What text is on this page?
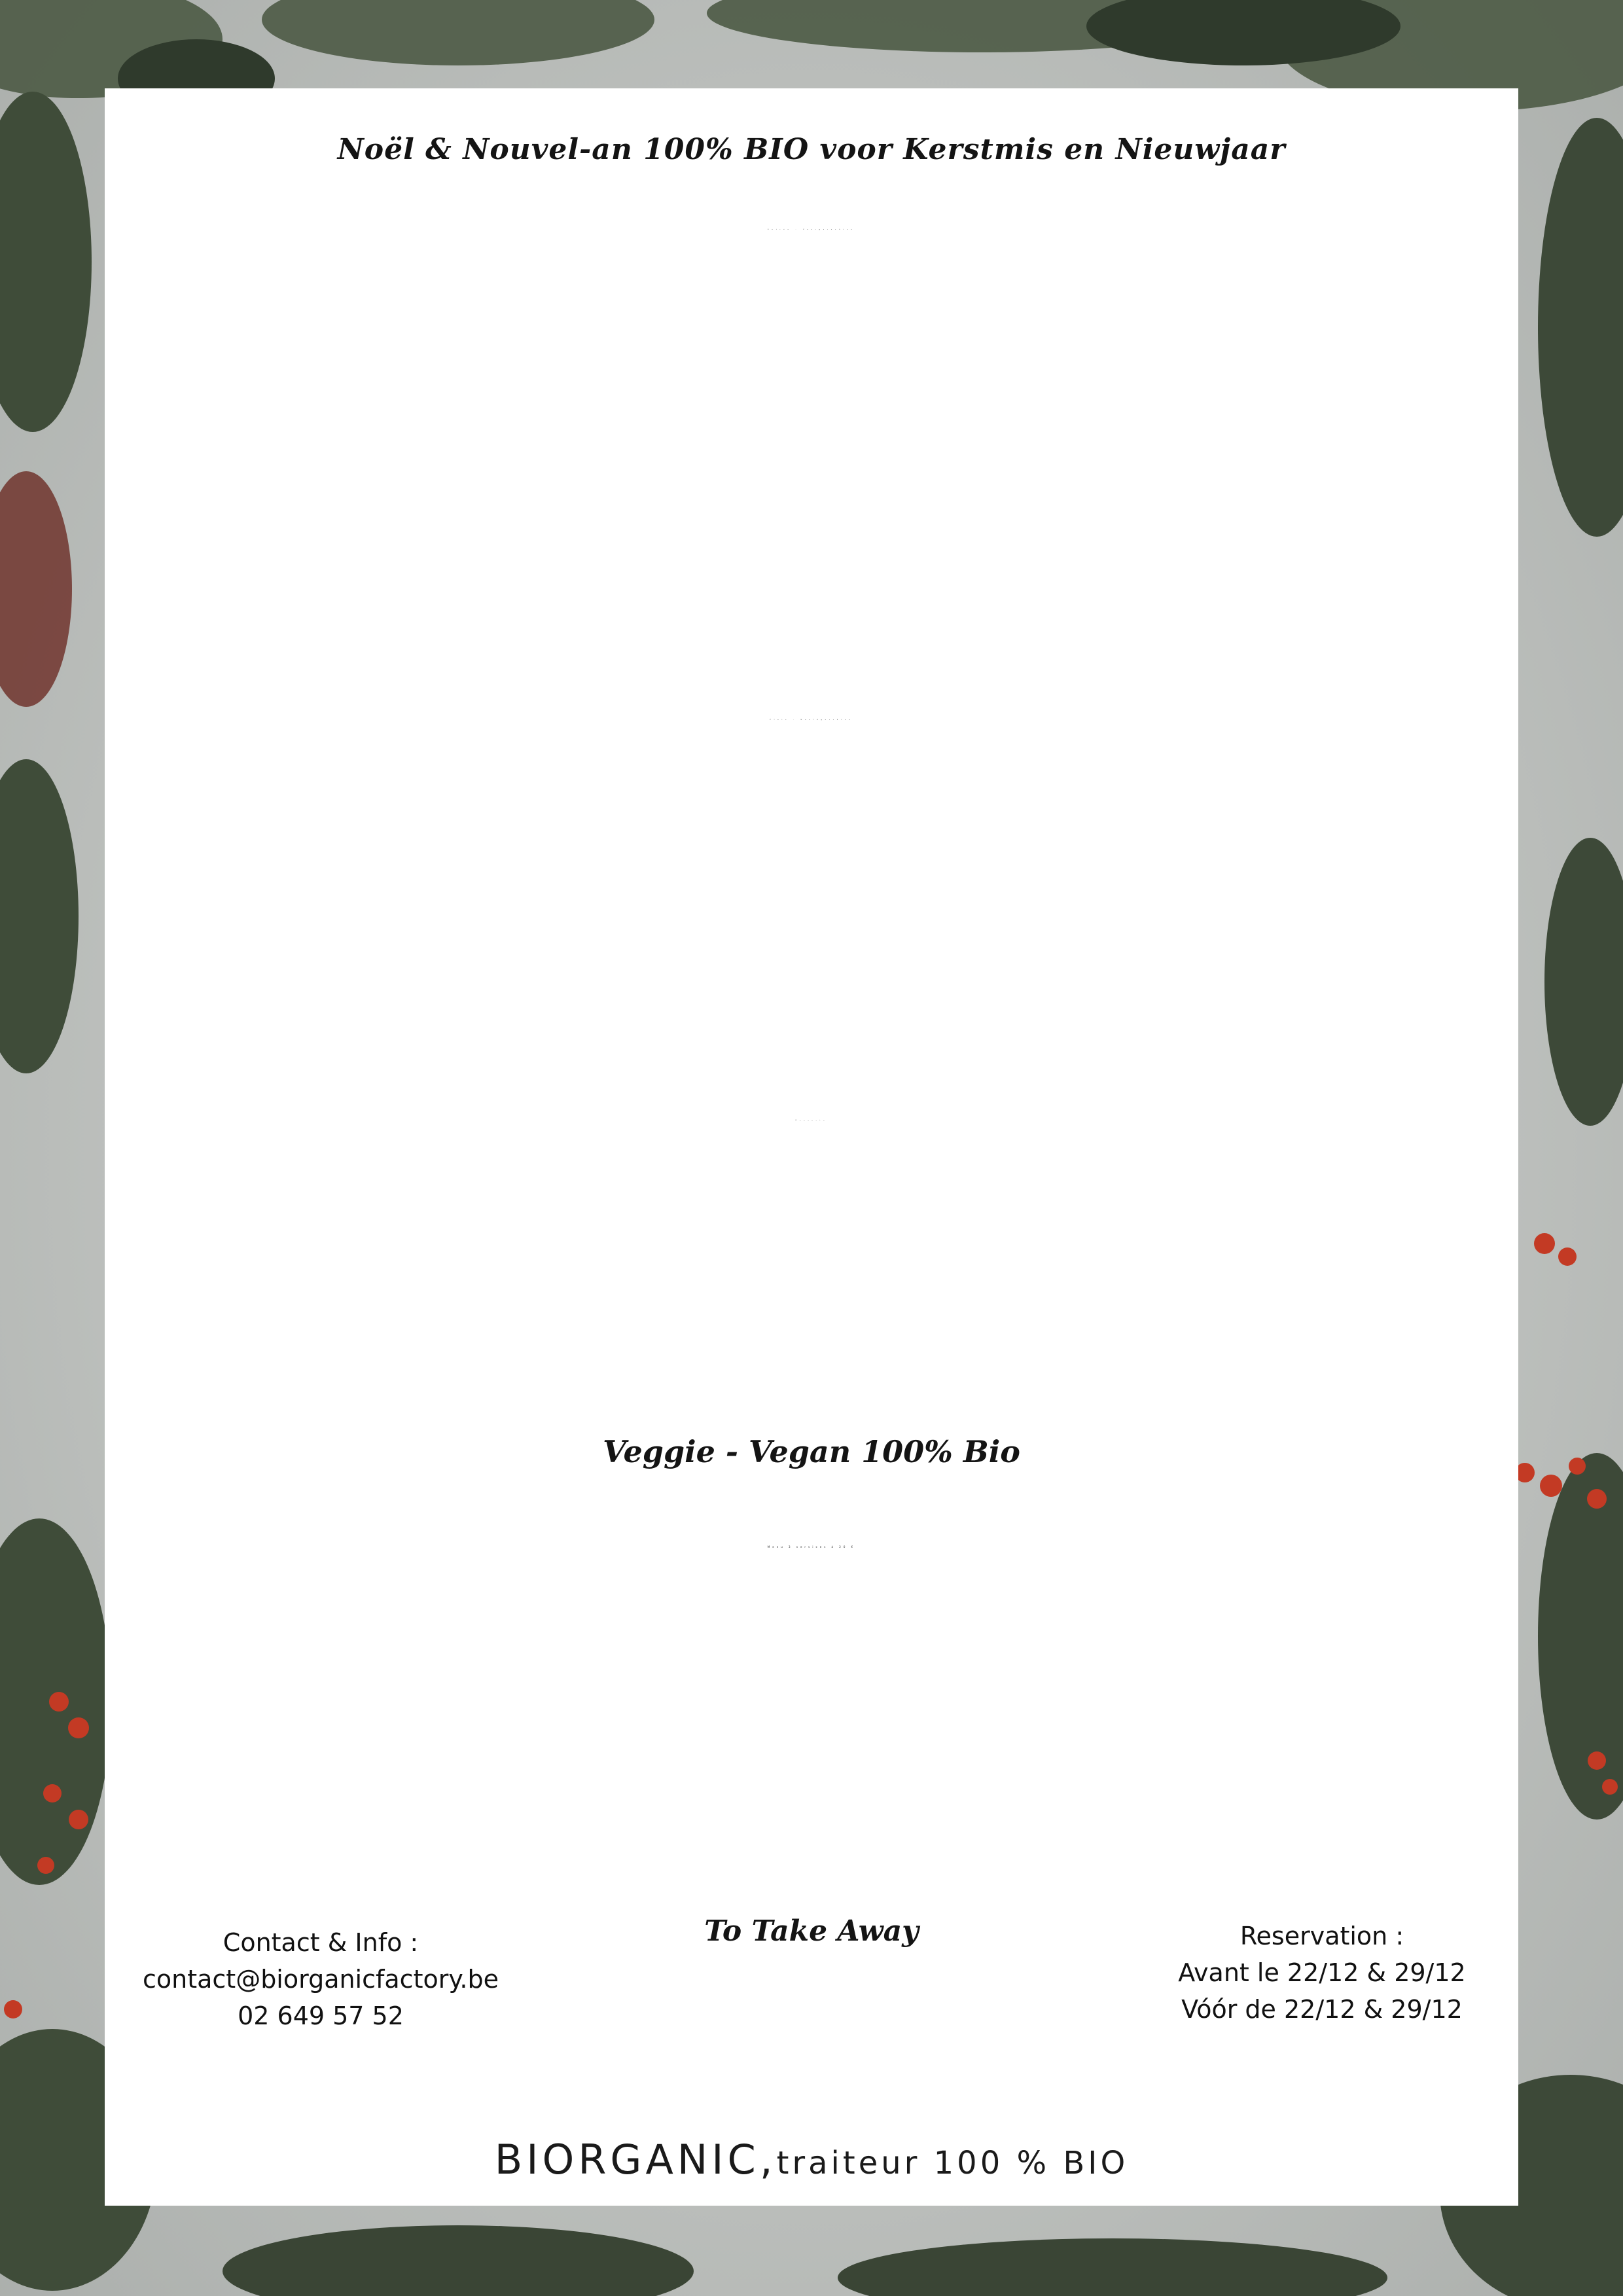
Noël & Nouvel-an 100% BIO voor Kerstmis en Nieuwjaar
Entrée – Voorgerechten
Plats – Hoofdgerchten
Desserts
Veggie - Vegan 100% Bio
Menu 3 services à 20 €
Contact & Info :
contact@biorganicfactory.be
02 649 57 52
To Take Away	Reservation :
Avant le 22/12 & 29/12
Vóór de 22/12 & 29/12
BIORGANIC, traiteur 100 % BIO
